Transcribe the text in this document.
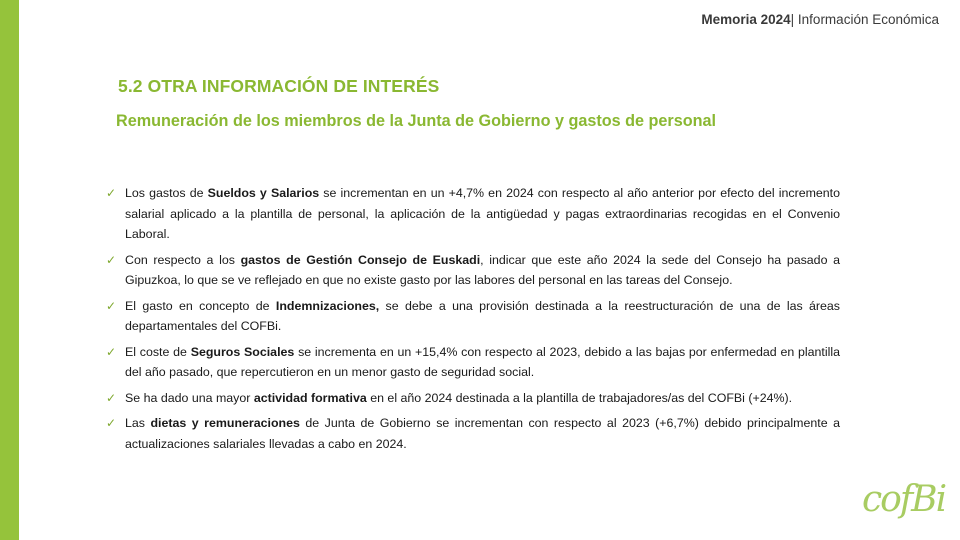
Memoria 2024| Información Económica
5.2 OTRA INFORMACIÓN DE INTERÉS
Remuneración de los miembros de la Junta de Gobierno y gastos de personal
✓ Los gastos de Sueldos y Salarios se incrementan en un +4,7% en 2024 con respecto al año anterior por efecto del incremento salarial aplicado a la plantilla de personal, la aplicación de la antigüedad y pagas extraordinarias recogidas en el Convenio Laboral.
✓ Con respecto a los gastos de Gestión Consejo de Euskadi, indicar que este año 2024 la sede del Consejo ha pasado a Gipuzkoa, lo que se ve reflejado en que no existe gasto por las labores del personal en las tareas del Consejo.
✓ El gasto en concepto de Indemnizaciones, se debe a una provisión destinada a la reestructuración de una de las áreas departamentales del COFBi.
✓ El coste de Seguros Sociales se incrementa en un +15,4% con respecto al 2023, debido a las bajas por enfermedad en plantilla del año pasado, que repercutieron en un menor gasto de seguridad social.
✓ Se ha dado una mayor actividad formativa en el año 2024 destinada a la plantilla de trabajadores/as del COFBi (+24%).
✓ Las dietas y remuneraciones de Junta de Gobierno se incrementan con respecto al 2023 (+6,7%) debido principalmente a actualizaciones salariales llevadas a cabo en 2024.
cofBi
